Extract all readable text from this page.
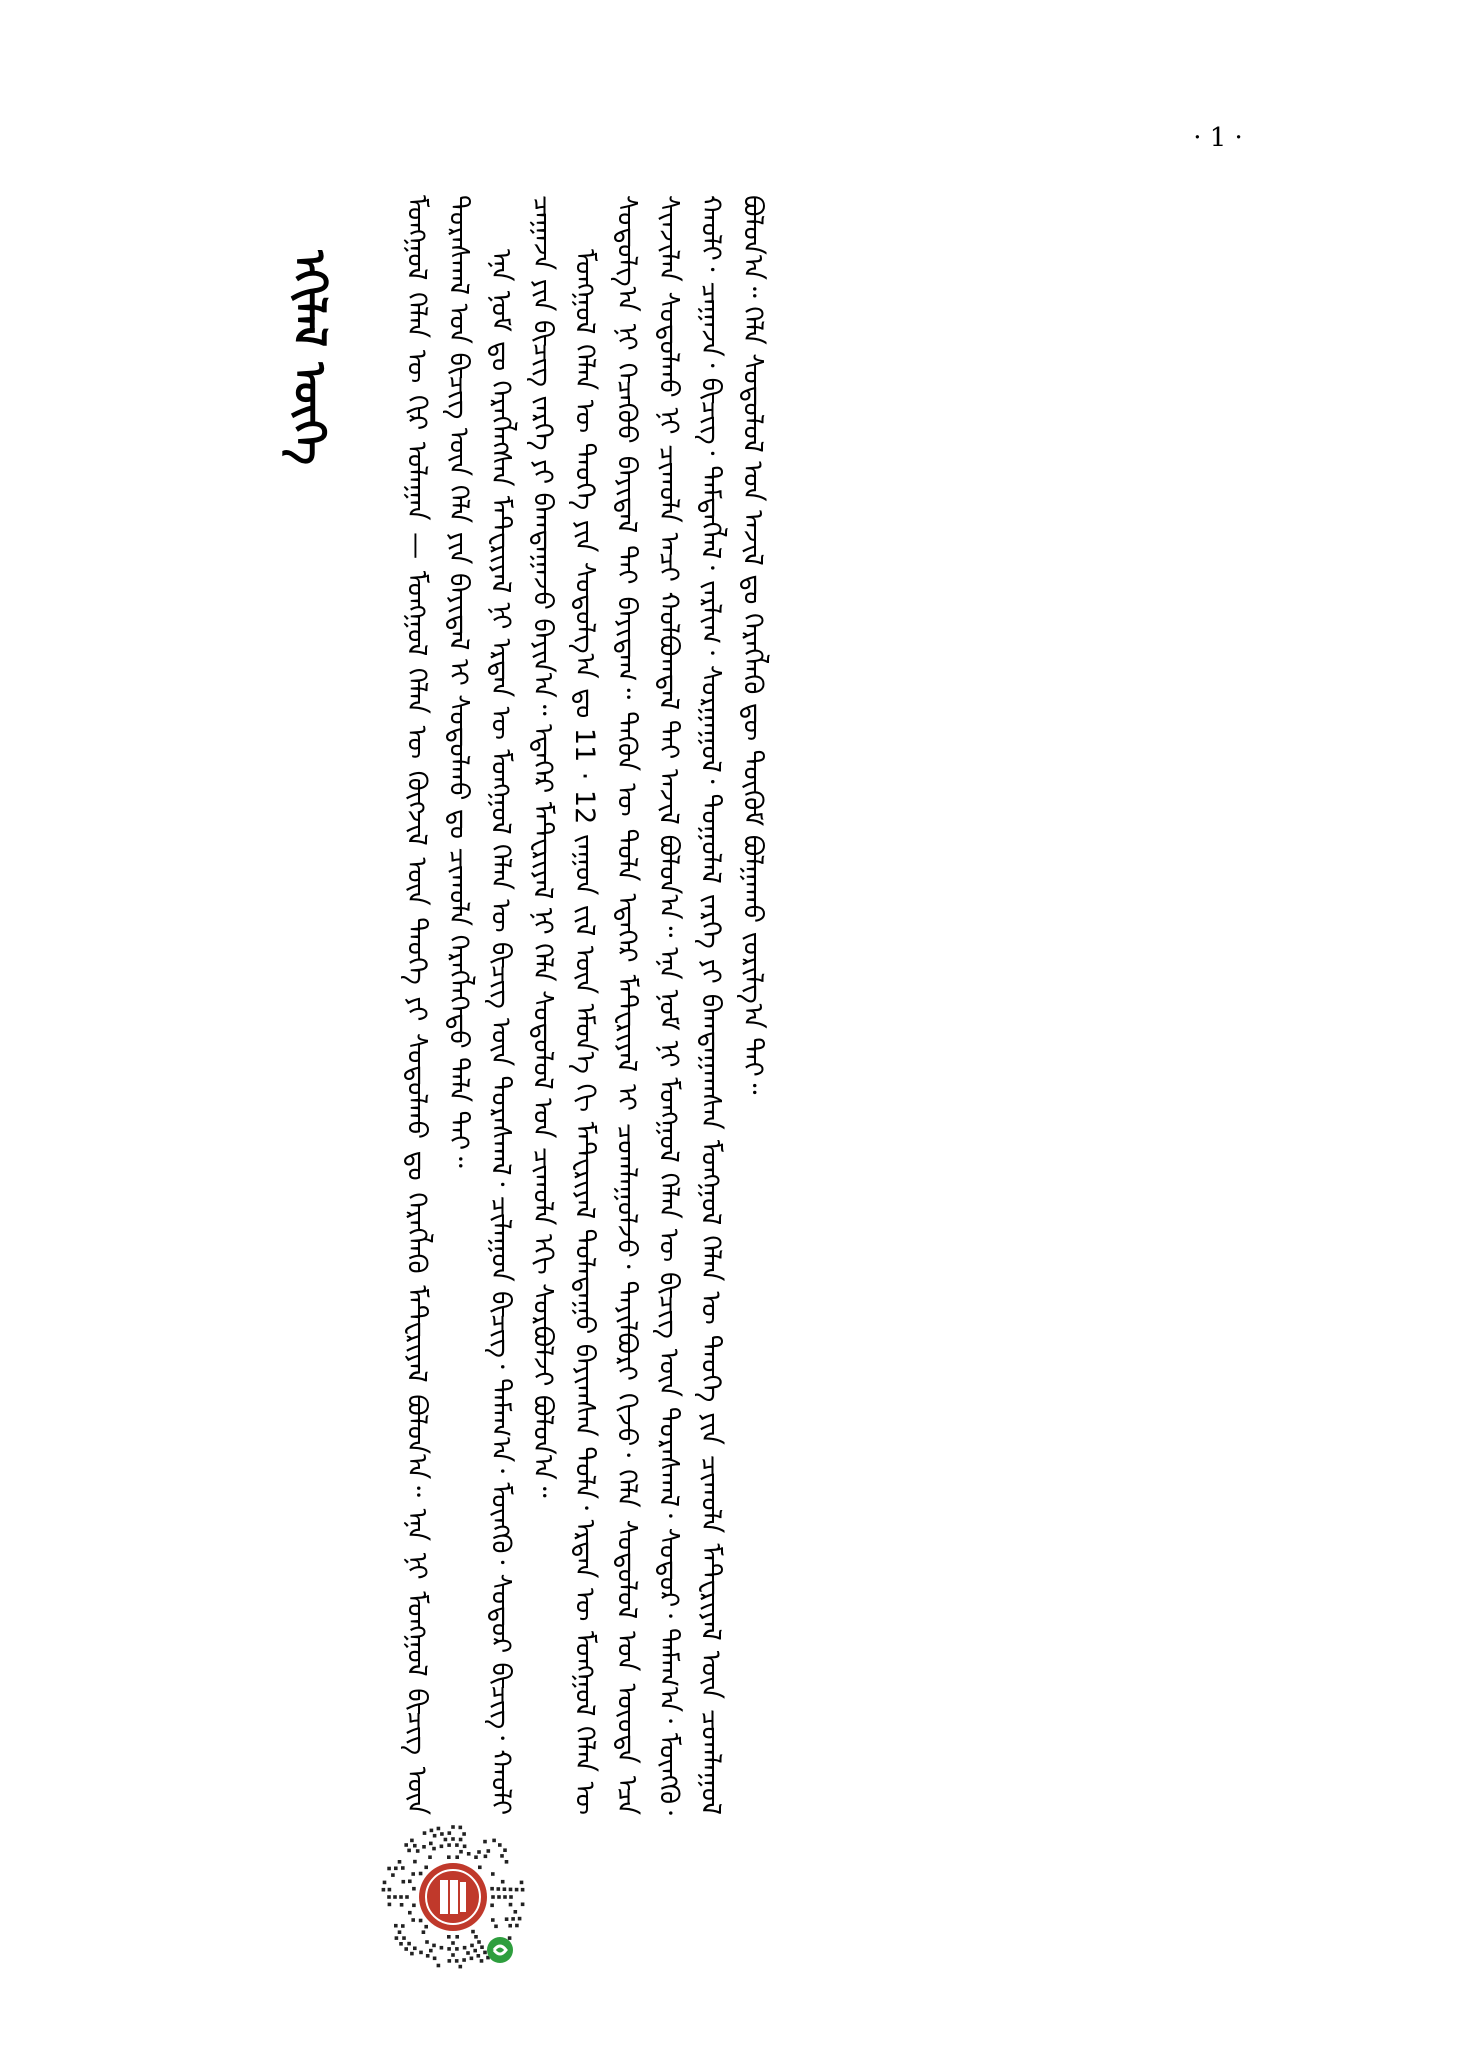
· 1 ·
ᠡᠬᠢᠯᠡᠯ ᠦᠭᠡ	ᠮᠣᠩᠭᠣᠯ ᠬᠡᠯᠡᠨ ᠦ ᠬᠢᠷ ᠤᠯᠠᠭᠠᠨ — ᠮᠣᠩᠭᠣᠯ ᠬᠡᠯᠡᠨ ᠦ ᠬᠥᠭᠵᠢᠯ ᠦᠨ ᠲᠡᠦᠬᠡ ᠶᠢ ᠰᠤᠳᠤᠯᠬᠤ ᠳᠤ ᠬᠡᠷᠡᠭᠯᠡᠬᠦ ᠮᠠᠲ᠋ᠧᠷᠢᠶᠠᠯ ᠪᠣᠯᠤᠨ᠎ᠠ᠃ ᠡᠨᠡ ᠨᠢ ᠮᠣᠩᠭᠣᠯ ᠪᠢᠴᠢᠭ ᠦᠨ ᠳᠤᠷᠠᠰᠬᠠᠯ ᠤᠨ ᠪᠢᠴᠢᠭ ᠦᠨ ᠬᠡᠯᠡ ᠶᠢᠨ ᠪᠠᠶᠢᠳᠠᠯ ᠢ ᠰᠤᠳᠤᠯᠬᠤ ᠳᠤ ᠴᠢᠬᠤᠯᠠ ᠬᠡᠷᠡᠭᠯᠡᠭᠡᠲᠦ ᠲᠠᠯᠠ ᠲᠠᠢ᠃ ᠡᠨᠡ ᠨᠣᠮ ᠳᠤ ᠬᠡᠷᠡᠭᠯᠡᠭᠰᠡᠨ ᠮᠠᠲ᠋ᠧᠷᠢᠶᠠᠯ ᠨᠢ ᠡᠷᠲᠡᠨ ᠦ ᠮᠣᠩᠭᠣᠯ ᠬᠡᠯᠡᠨ ᠦ ᠪᠢᠴᠢᠭ ᠦᠨ ᠳᠤᠷᠠᠰᠬᠠᠯ᠂ ᠴᠢᠯᠠᠭᠤᠨ ᠪᠢᠴᠢᠭ᠂ ᠲᠠᠮᠠᠭ᠎ᠠ᠂ ᠮᠥᠩᠭᠥ᠂ ᠰᠤᠳᠤᠷ ᠪᠢᠴᠢᠭ᠂ ᠬᠠᠤᠯᠢ ᠴᠠᠭᠠᠵᠠ ᠶᠢᠨ ᠪᠢᠴᠢᠭ ᠵᠡᠷᠭᠡ ᠶᠢ ᠪᠠᠭᠲᠠᠭᠠᠵᠤ ᠪᠠᠶᠢᠨ᠎ᠠ᠃ ᠡᠳᠡᠭᠡᠷ ᠮᠠᠲ᠋ᠧᠷᠢᠶᠠᠯ ᠨᠢ ᠬᠡᠯᠡ ᠰᠤᠳᠤᠯᠤᠯ ᠤᠨ ᠴᠢᠬᠤᠯᠠ ᠡᠬᠢ ᠰᠤᠷᠪᠤᠯᠵᠢ ᠪᠣᠯᠤᠨ᠎ᠠ᠃ ᠮᠣᠩᠭᠣᠯ ᠬᠡᠯᠡᠨ ᠦ ᠲᠡᠦᠬᠡ ᠶᠢᠨ ᠰᠤᠳᠤᠯᠭ᠎ᠠ ᠳᠤ 11 · 12 ᠵᠠᠭᠤᠨ ᠵᠢᠯ ᠦᠨ ᠡᠮᠦᠨ᠎ᠡ ᠬᠢ ᠮᠠᠲ᠋ᠧᠷᠢᠶᠠᠯ ᠲᠤᠯᠠᠳᠠᠭᠤ ᠪᠠᠶᠢᠭᠰᠠᠨ ᠲᠤᠯᠠ᠂ ᠡᠷᠲᠡᠨ ᠦ ᠮᠣᠩᠭᠣᠯ ᠬᠡᠯᠡᠨ ᠦ ᠰᠤᠳᠤᠯᠭ᠎ᠠ ᠨᠢ ᠬᠡᠴᠡᠭᠦᠦ ᠪᠠᠶᠢᠳᠠᠯ ᠲᠠᠢ ᠪᠠᠶᠢᠳᠠᠭ᠃ ᠲᠡᠭᠦᠨ ᠦ ᠲᠤᠯᠠ ᠡᠳᠡᠭᠡᠷ ᠮᠠᠲ᠋ᠧᠷᠢᠶᠠᠯ ᠢ ᠴᠤᠭᠯᠠᠭᠤᠯᠵᠤ᠂ ᠲᠠᠶᠢᠯᠪᠤᠷᠢ ᠬᠢᠵᠦ᠂ ᠬᠡᠯᠡ ᠰᠤᠳᠤᠯᠤᠯ ᠤᠨ ᠦᠦᠳᠡ ᠡᠴᠡ ᠰᠢᠨᠵᠢᠯᠡᠨ ᠰᠤᠳᠤᠯᠬᠤ ᠨᠢ ᠴᠢᠬᠤᠯᠠ ᠠᠴᠢ ᠬᠣᠯᠪᠣᠭᠳᠠᠯ ᠲᠠᠢ ᠠᠵᠢᠯ ᠪᠣᠯᠤᠨ᠎ᠠ᠃ ᠡᠨᠡ ᠨᠣᠮ ᠨᠢ ᠮᠣᠩᠭᠣᠯ ᠬᠡᠯᠡᠨ ᠦ ᠪᠢᠴᠢᠭ ᠦᠨ ᠳᠤᠷᠠᠰᠬᠠᠯ᠂ ᠰᠤᠳᠤᠷ᠂ ᠲᠠᠮᠠᠭ᠎ᠠ᠂ ᠮᠥᠩᠭᠥ᠂ ᠬᠠᠤᠯᠢ᠂ ᠴᠠᠭᠠᠵᠠ᠂ ᠪᠢᠴᠢᠭ᠂ ᠲᠡᠮᠳᠡᠭᠯᠡᠯ᠂ ᠵᠠᠷᠯᠢᠭ᠂ ᠰᠤᠷᠭᠠᠭᠤᠯ᠂ ᠳᠤᠭᠤᠯᠠᠯ ᠵᠡᠷᠭᠡ ᠶᠢ ᠪᠠᠭᠲᠠᠭᠠᠭᠰᠠᠨ ᠮᠣᠩᠭᠣᠯ ᠬᠡᠯᠡᠨ ᠦ ᠲᠡᠦᠬᠡ ᠶᠢᠨ ᠴᠢᠬᠤᠯᠠ ᠮᠠᠲ᠋ᠧᠷᠢᠶᠠᠯ ᠦᠨ ᠴᠤᠭᠯᠠᠭᠤᠯ ᠪᠣᠯᠤᠨ᠎ᠠ᠃ ᠬᠡᠯᠡ ᠰᠤᠳᠤᠯᠤᠯ ᠤᠨ ᠠᠵᠢᠯ ᠳᠤ ᠬᠡᠷᠡᠭᠯᠡᠬᠦ ᠳᠦ ᠳᠥᠭᠥᠮ ᠪᠣᠯᠭᠠᠬᠤ ᠵᠣᠷᠢᠯᠭ᠎ᠠ ᠲᠠᠢ᠃
